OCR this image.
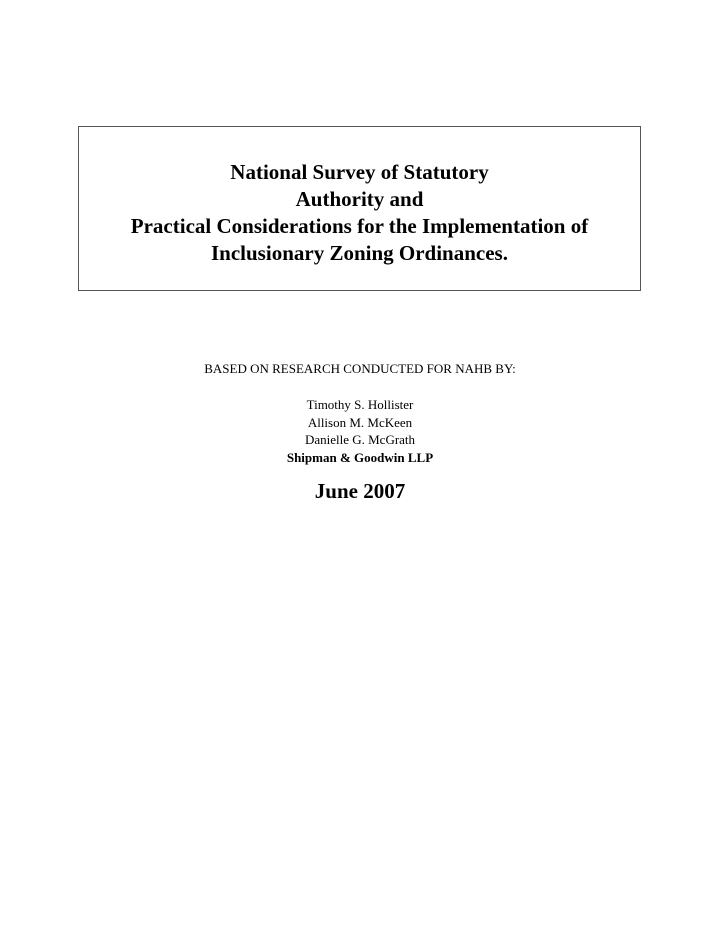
National Survey of Statutory
Authority and
Practical Considerations for the Implementation of
Inclusionary Zoning Ordinances.
BASED ON RESEARCH CONDUCTED FOR NAHB BY:
Timothy S. Hollister
Allison M. McKeen
Danielle G. McGrath
Shipman & Goodwin LLP
June 2007
